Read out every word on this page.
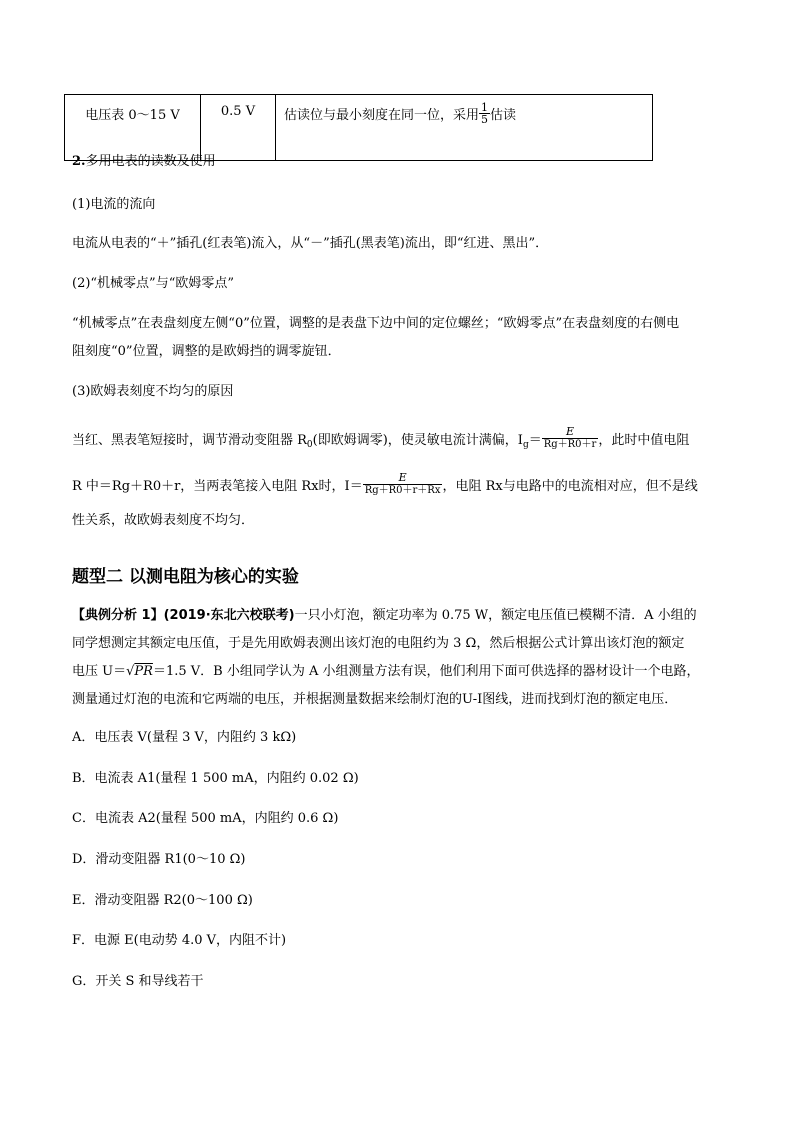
电压表 0～15 V	0.5 V	估读位与最小刻度在同一位，采用 $\frac{1}{5}$ 估读
2.多用电表的读数及使用
(1)电流的流向
电流从电表的“＋”插孔(红表笔)流入，从“－”插孔(黑表笔)流出，即“红进、黑出”．
(2)“机械零点”与“欧姆零点”
“机械零点”在表盘刻度左侧“0”位置，调整的是表盘下边中间的定位螺丝；“欧姆零点”在表盘刻度的右侧电
阻刻度“0”位置，调整的是欧姆挡的调零旋钮．
(3)欧姆表刻度不均匀的原因
当红、黑表笔短接时，调节滑动变阻器 $R_0$(即欧姆调零)，使灵敏电流计满偏，$I_g= \frac{E}{Rg+R0+r}$ ，此时中值电阻
R 中＝Rg＋R0＋r，当两表笔接入电阻 Rx时，$I= \frac{E}{Rg+R0+r+Rx}$ ，电阻 Rx与电路中的电流相对应，但不是线
性关系，故欧姆表刻度不均匀．
题型二 以测电阻为核心的实验
【典例分析 1】(2019·东北六校联考)一只小灯泡，额定功率为 0.75 W，额定电压值已模糊不清．A 小组的
同学想测定其额定电压值，于是先用欧姆表测出该灯泡的电阻约为 3 Ω，然后根据公式计算出该灯泡的额定
电压 U＝√PR＝1.5 V．B 小组同学认为 A 小组测量方法有误，他们利用下面可供选择的器材设计一个电路，
测量通过灯泡的电流和它两端的电压，并根据测量数据来绘制灯泡的U-I图线，进而找到灯泡的额定电压．
A．电压表 V(量程 3 V，内阻约 3 kΩ)
B．电流表 A1(量程 1 500 mA，内阻约 0.02 Ω)
C．电流表 A2(量程 500 mA，内阻约 0.6 Ω)
D．滑动变阻器 R1(0～10 Ω)
E．滑动变阻器 R2(0～100 Ω)
F．电源 E(电动势 4.0 V，内阻不计)
G．开关 S 和导线若干
